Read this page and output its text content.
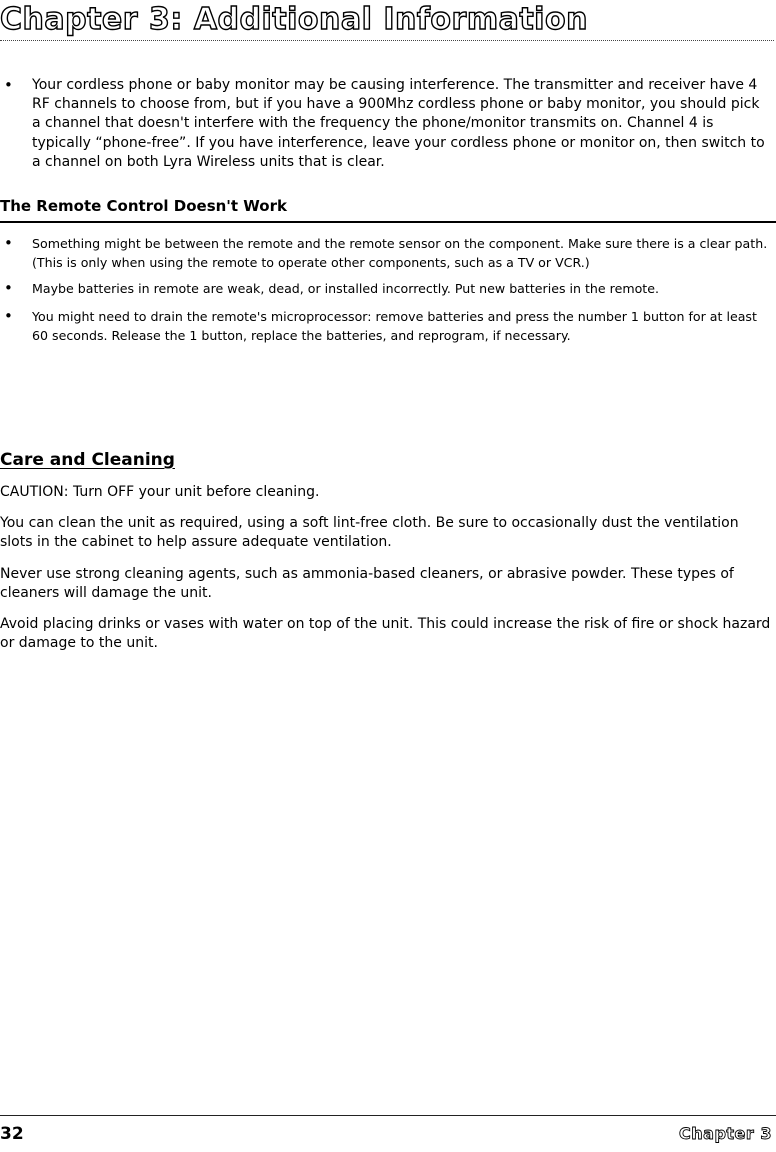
Chapter 3: Additional Information
• Your cordless phone or baby monitor may be causing interference. The transmitter and receiver have 4 RF channels to choose from, but if you have a 900Mhz cordless phone or baby monitor, you should pick a channel that doesn't interfere with the frequency the phone/monitor transmits on. Channel 4 is typically “phone-free”. If you have interference, leave your cordless phone or monitor on, then switch to a channel on both Lyra Wireless units that is clear.
The Remote Control Doesn't Work
• Something might be between the remote and the remote sensor on the component. Make sure there is a clear path. (This is only when using the remote to operate other components, such as a TV or VCR.)
• Maybe batteries in remote are weak, dead, or installed incorrectly. Put new batteries in the remote.
• You might need to drain the remote's microprocessor: remove batteries and press the number 1 button for at least 60 seconds. Release the 1 button, replace the batteries, and reprogram, if necessary.
Care and Cleaning

CAUTION: Turn OFF your unit before cleaning.

You can clean the unit as required, using a soft lint-free cloth. Be sure to occasionally dust the ventilation slots in the cabinet to help assure adequate ventilation.

Never use strong cleaning agents, such as ammonia-based cleaners, or abrasive powder. These types of cleaners will damage the unit.

Avoid placing drinks or vases with water on top of the unit. This could increase the risk of fire or shock hazard or damage to the unit.

32	Chapter 3
